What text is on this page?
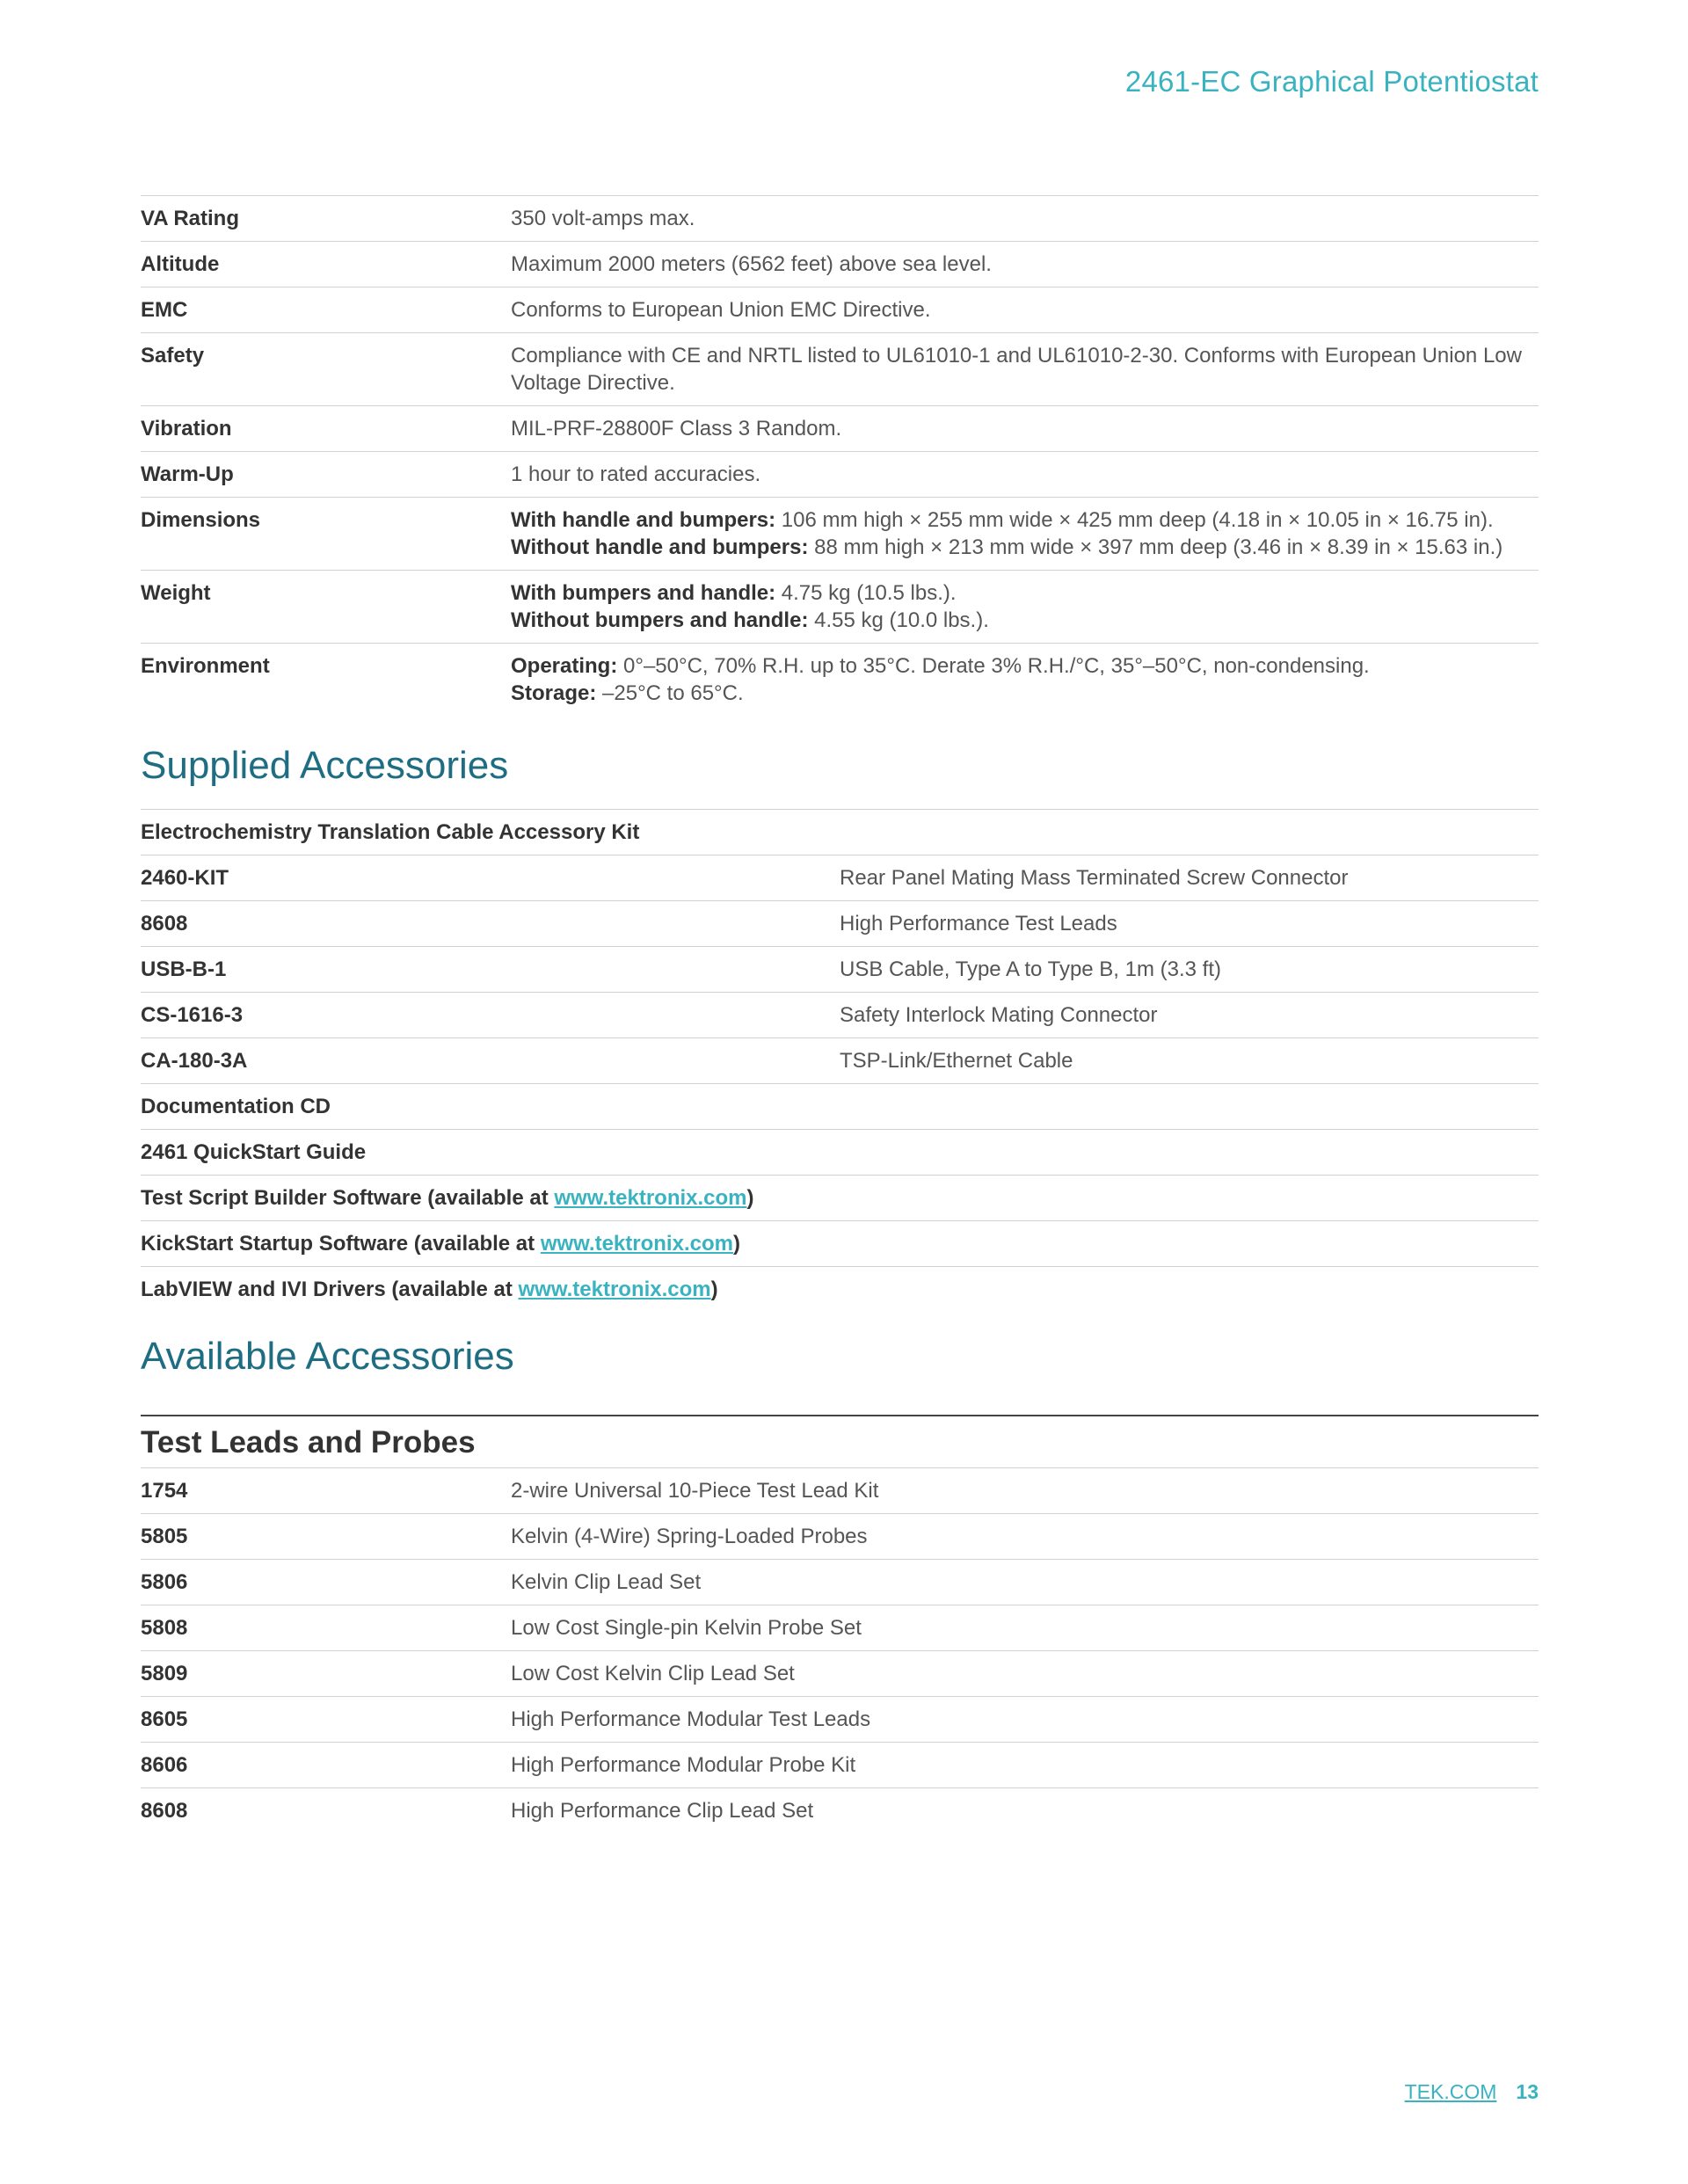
2461-EC Graphical Potentiostat
VA Rating	350 volt-amps max.
Altitude	Maximum 2000 meters (6562 feet) above sea level.
EMC	Conforms to European Union EMC Directive.
Safety	Compliance with CE and NRTL listed to UL61010-1 and UL61010-2-30. Conforms with European Union Low Voltage Directive.
Vibration	MIL-PRF-28800F Class 3 Random.
Warm-Up	1 hour to rated accuracies.
Dimensions	With handle and bumpers: 106 mm high × 255 mm wide × 425 mm deep (4.18 in × 10.05 in × 16.75 in).
Without handle and bumpers: 88 mm high × 213 mm wide × 397 mm deep (3.46 in × 8.39 in × 15.63 in.)

Weight	With bumpers and handle: 4.75 kg (10.5 lbs.).
Without bumpers and handle: 4.55 kg (10.0 lbs.).

Environment	Operating: 0°–50°C, 70% R.H. up to 35°C. Derate 3% R.H./°C, 35°–50°C, non-condensing.
Storage: –25°C to 65°C.
Supplied Accessories
Electrochemistry Translation Cable Accessory Kit	
2460-KIT	Rear Panel Mating Mass Terminated Screw Connector
8608	High Performance Test Leads
USB-B-1	USB Cable, Type A to Type B, 1m (3.3 ft)
CS-1616-3	Safety Interlock Mating Connector
CA-180-3A	TSP-Link/Ethernet Cable
Documentation CD	
2461 QuickStart Guide	
Test Script Builder Software (available at www.tektronix.com)	
KickStart Startup Software (available at www.tektronix.com)	
LabVIEW and IVI Drivers (available at www.tektronix.com)	
Available Accessories
Test Leads and Probes
1754	2-wire Universal 10-Piece Test Lead Kit
5805	Kelvin (4-Wire) Spring-Loaded Probes
5806	Kelvin Clip Lead Set
5808	Low Cost Single-pin Kelvin Probe Set
5809	Low Cost Kelvin Clip Lead Set
8605	High Performance Modular Test Leads
8606	High Performance Modular Probe Kit
8608	High Performance Clip Lead Set
TEK.COM 13
